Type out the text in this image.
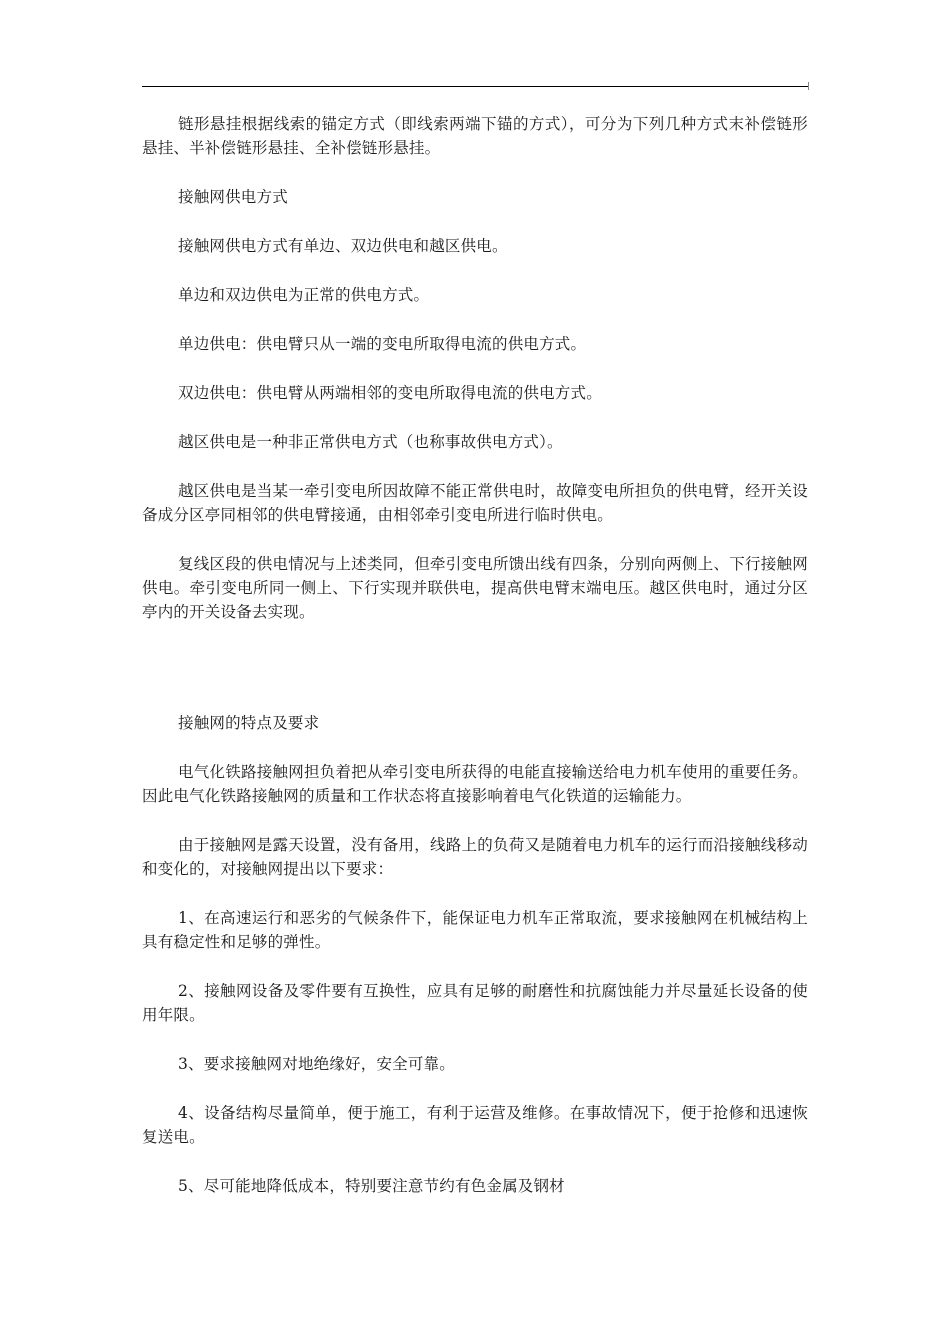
链形悬挂根据线索的锚定方式（即线索两端下锚的方式），可分为下列几种方式末补偿链形悬挂、半补偿链形悬挂、全补偿链形悬挂。

接触网供电方式

接触网供电方式有单边、双边供电和越区供电。

单边和双边供电为正常的供电方式。

单边供电：供电臂只从一端的变电所取得电流的供电方式。

双边供电：供电臂从两端相邻的变电所取得电流的供电方式。

越区供电是一种非正常供电方式（也称事故供电方式）。

越区供电是当某一牵引变电所因故障不能正常供电时，故障变电所担负的供电臂，经开关设备成分区亭同相邻的供电臂接通，由相邻牵引变电所进行临时供电。

复线区段的供电情况与上述类同，但牵引变电所馈出线有四条，分别向两侧上、下行接触网供电。牵引变电所同一侧上、下行实现并联供电，提高供电臂末端电压。越区供电时，通过分区亭内的开关设备去实现。

接触网的特点及要求

电气化铁路接触网担负着把从牵引变电所获得的电能直接输送给电力机车使用的重要任务。因此电气化铁路接触网的质量和工作状态将直接影响着电气化铁道的运输能力。

由于接触网是露天设置，没有备用，线路上的负荷又是随着电力机车的运行而沿接触线移动和变化的，对接触网提出以下要求：

1、在高速运行和恶劣的气候条件下，能保证电力机车正常取流，要求接触网在机械结构上具有稳定性和足够的弹性。

2、接触网设备及零件要有互换性，应具有足够的耐磨性和抗腐蚀能力并尽量延长设备的使用年限。

3、要求接触网对地绝缘好，安全可靠。

4、设备结构尽量简单，便于施工，有利于运营及维修。在事故情况下，便于抢修和迅速恢复送电。

5、尽可能地降低成本，特别要注意节约有色金属及钢材
